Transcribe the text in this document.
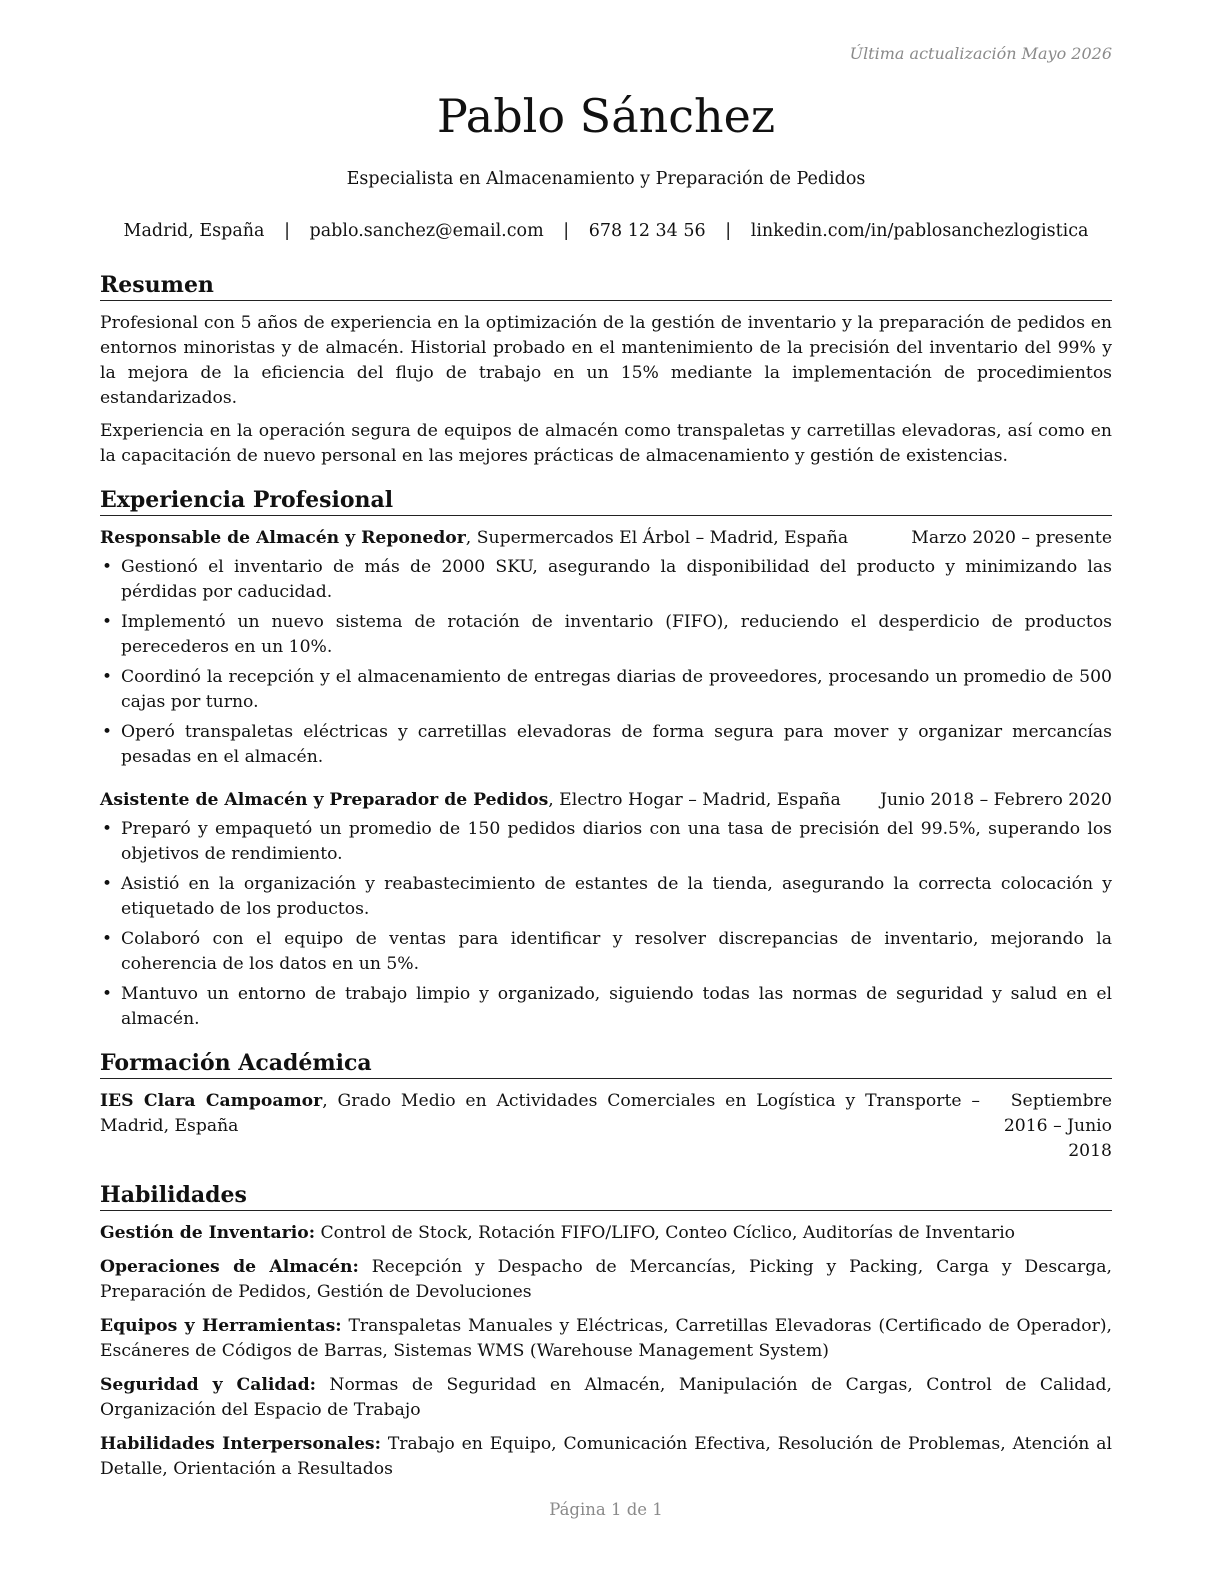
Última actualización Mayo 2026
Pablo Sánchez
Especialista en Almacenamiento y Preparación de Pedidos
Madrid, España | pablo.sanchez@email.com | 678 12 34 56 | linkedin.com/in/pablosanchezlogistica
Resumen

Profesional con 5 años de experiencia en la optimización de la gestión de inventario y la preparación de pedidos en entornos minoristas y de almacén. Historial probado en el mantenimiento de la precisión del inventario del 99% y la mejora de la eficiencia del flujo de trabajo en un 15% mediante la implementación de procedimientos estandarizados.

Experiencia en la operación segura de equipos de almacén como transpaletas y carretillas elevadoras, así como en la capacitación de nuevo personal en las mejores prácticas de almacenamiento y gestión de existencias.

Experiencia Profesional
Responsable de Almacén y Reponedor, Supermercados El Árbol – Madrid, España	Marzo 2020 – presente
• Gestionó el inventario de más de 2000 SKU, asegurando la disponibilidad del producto y minimizando las pérdidas por caducidad.
• Implementó un nuevo sistema de rotación de inventario (FIFO), reduciendo el desperdicio de productos perecederos en un 10%.
• Coordinó la recepción y el almacenamiento de entregas diarias de proveedores, procesando un promedio de 500 cajas por turno.
• Operó transpaletas eléctricas y carretillas elevadoras de forma segura para mover y organizar mercancías pesadas en el almacén.
Asistente de Almacén y Preparador de Pedidos, Electro Hogar – Madrid, España Junio 2018 – Febrero 2020
• Preparó y empaquetó un promedio de 150 pedidos diarios con una tasa de precisión del 99.5%, superando los objetivos de rendimiento.
• Asistió en la organización y reabastecimiento de estantes de la tienda, asegurando la correcta colocación y etiquetado de los productos.
• Colaboró con el equipo de ventas para identificar y resolver discrepancias de inventario, mejorando la coherencia de los datos en un 5%.
• Mantuvo un entorno de trabajo limpio y organizado, siguiendo todas las normas de seguridad y salud en el almacén.
Formación Académica
IES Clara Campoamor, Grado Medio en Actividades Comerciales en Logística y Transporte – Madrid, España
Septiembre 2016 – Junio 2018
Habilidades

Gestión de Inventario: Control de Stock, Rotación FIFO/LIFO, Conteo Cíclico, Auditorías de Inventario

Operaciones de Almacén: Recepción y Despacho de Mercancías, Picking y Packing, Carga y Descarga, Preparación de Pedidos, Gestión de Devoluciones

Equipos y Herramientas: Transpaletas Manuales y Eléctricas, Carretillas Elevadoras (Certificado de Operador), Escáneres de Códigos de Barras, Sistemas WMS (Warehouse Management System)

Seguridad y Calidad: Normas de Seguridad en Almacén, Manipulación de Cargas, Control de Calidad, Organización del Espacio de Trabajo

Habilidades Interpersonales: Trabajo en Equipo, Comunicación Efectiva, Resolución de Problemas, Atención al Detalle, Orientación a Resultados

Página 1 de 1
